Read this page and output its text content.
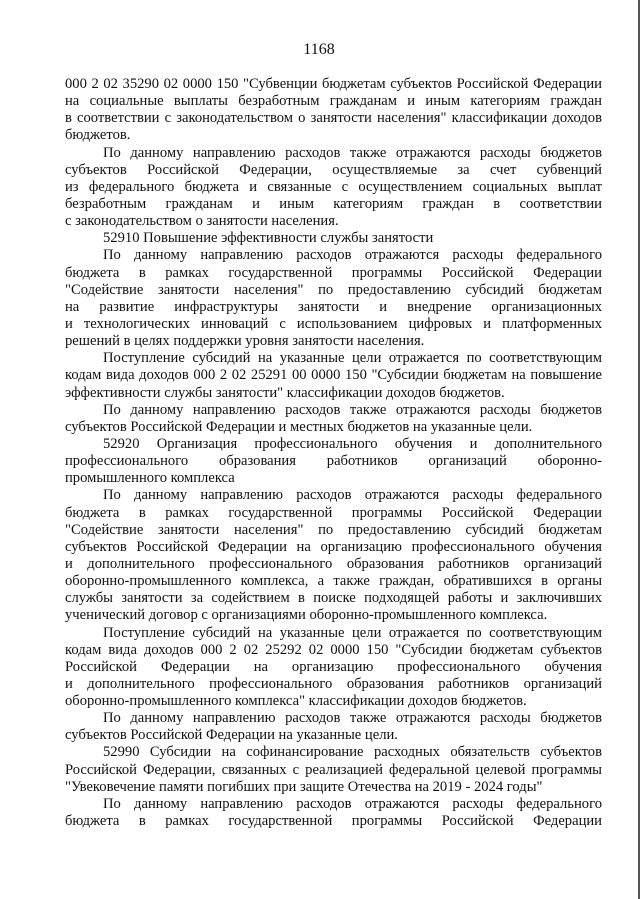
1168
000 2 02 35290 02 0000 150 "Субвенции бюджетам субъектов Российской Федерации
на социальные выплаты безработным гражданам и иным категориям граждан
в соответствии с законодательством о занятости населения" классификации доходов
бюджетов.
По данному направлению расходов также отражаются расходы бюджетов
субъектов Российской Федерации, осуществляемые за счет субвенций
из федерального бюджета и связанные с осуществлением социальных выплат
безработным гражданам и иным категориям граждан в соответствии
с законодательством о занятости населения.
52910 Повышение эффективности службы занятости
По данному направлению расходов отражаются расходы федерального
бюджета в рамках государственной программы Российской Федерации
"Содействие занятости населения" по предоставлению субсидий бюджетам
на развитие инфраструктуры занятости и внедрение организационных
и технологических инноваций с использованием цифровых и платформенных
решений в целях поддержки уровня занятости населения.
Поступление субсидий на указанные цели отражается по соответствующим
кодам вида доходов 000 2 02 25291 00 0000 150 "Субсидии бюджетам на повышение
эффективности службы занятости" классификации доходов бюджетов.
По данному направлению расходов также отражаются расходы бюджетов
субъектов Российской Федерации и местных бюджетов на указанные цели.
52920 Организация профессионального обучения и дополнительного
профессионального образования работников организаций оборонно-
промышленного комплекса
По данному направлению расходов отражаются расходы федерального
бюджета в рамках государственной программы Российской Федерации
"Содействие занятости населения" по предоставлению субсидий бюджетам
субъектов Российской Федерации на организацию профессионального обучения
и дополнительного профессионального образования работников организаций
оборонно-промышленного комплекса, а также граждан, обратившихся в органы
службы занятости за содействием в поиске подходящей работы и заключивших
ученический договор с организациями оборонно-промышленного комплекса.
Поступление субсидий на указанные цели отражается по соответствующим
кодам вида доходов 000 2 02 25292 02 0000 150 "Субсидии бюджетам субъектов
Российской Федерации на организацию профессионального обучения
и дополнительного профессионального образования работников организаций
оборонно-промышленного комплекса" классификации доходов бюджетов.
По данному направлению расходов также отражаются расходы бюджетов
субъектов Российской Федерации на указанные цели.
52990 Субсидии на софинансирование расходных обязательств субъектов
Российской Федерации, связанных с реализацией федеральной целевой программы
"Увековечение памяти погибших при защите Отечества на 2019 - 2024 годы"
По данному направлению расходов отражаются расходы федерального
бюджета в рамках государственной программы Российской Федерации
